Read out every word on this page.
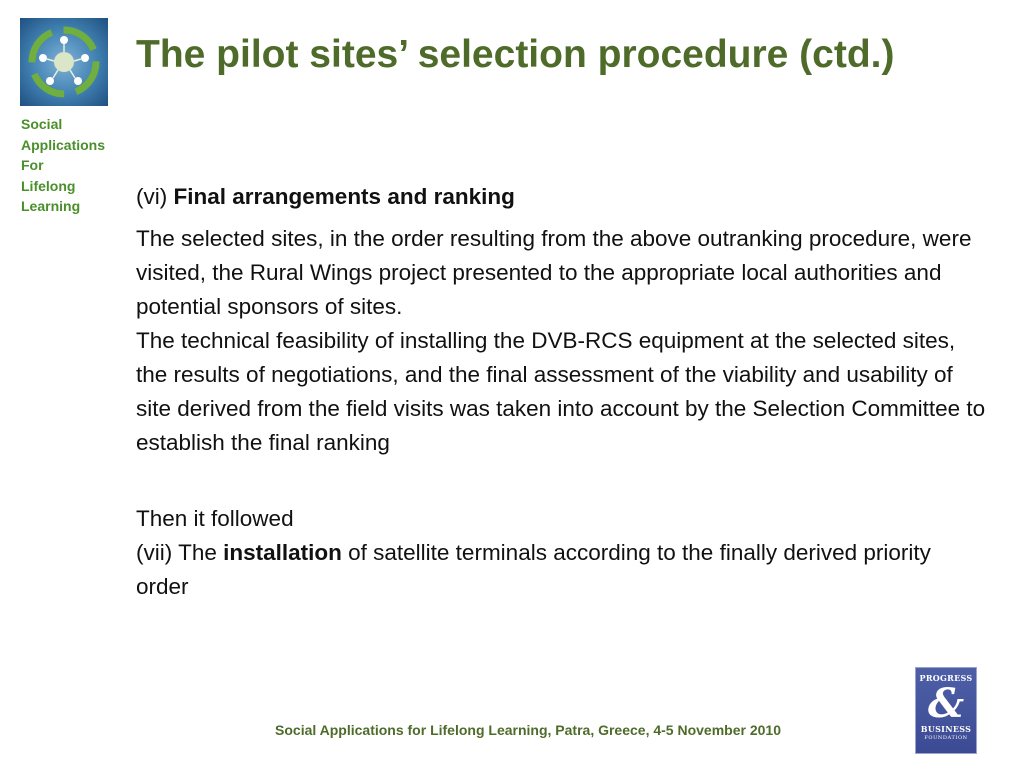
Social
Applications
For
Lifelong
Learning
The pilot sites’ selection procedure (ctd.)

(vi) Final arrangements and ranking

The selected sites, in the order resulting from the above outranking procedure, were visited, the Rural Wings project presented to the appropriate local authorities and potential sponsors of sites.

The technical feasibility of installing the DVB-RCS equipment at the selected sites, the results of negotiations, and the final assessment of the viability and usability of site derived from the field visits was taken into account by the Selection Committee to establish the final ranking

Then it followed

(vii) The installation of satellite terminals according to the finally derived priority order

Social Applications for Lifelong Learning, Patra, Greece, 4-5 November 2010
PROGRESS
&
BUSINESS
FOUNDATION
